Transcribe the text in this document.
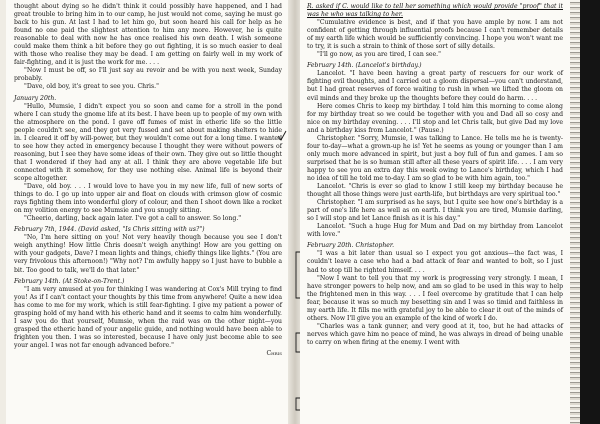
thought about dying so he didn't think it could possibly have happened, and I had great trouble to bring him in to our camp, he just would not come, saying he must go back to his gun. At last I had to let him go, but soon heard his call for help as he found no one paid the slightest attention to him any more. However, he is quite reasonable to deal with now he has once realised his own death. I wish someone could make them think a bit before they go out fighting, it is so much easier to deal with those who realise they may be dead. I am getting on fairly well in my work of fair-fighting, and it is just the work for me. . . .

"Now I must be off, so I'll just say au revoir and be with you next week, Sunday probably.

"Dave, old boy, it's great to see you. Chris."

January 20th.

"Hullo, Mumsie, I didn't expect you so soon and came for a stroll in the pond where I can study the gnome life at its best. I have been up to people of my own with the atmosphere on the pond. I gave off fumes of mist in etheric life so the little people couldn't see, and they got very fussed and set about making shelters to hide in. I cleared it off by will-power, but they wouldn't come out for a long time. I wanted to see how they acted in emergency because I thought they were without powers of reasoning, but I see they have some ideas of their own. They give out so little thought that I wondered if they had any at all. I think they are above vegetable life but connected with it somehow, for they use nothing else. Animal life is beyond their scope altogether.

"Dave, old boy. . . . I would love to have you in my new life, full of new sorts of things to do. I go up into upper air and float on clouds with crimson glow of cosmic rays fighting them into wonderful glory of colour, and then I shoot down like a rocket on my volition energy to see Mumsie and you snugly sitting.

"Cheerio, darling, back again later. I've got a call to answer. So long."

February 7th, 1944. (David asked, "Is Chris sitting with us?")

"No, I'm here sitting on you! Not very heavily though because you see I don't weigh anything! How little Chris doesn't weigh anything! How are you getting on with your gadgets, Dave? I mean lights and things, chiefly things like lights." (You are very frivolous this afternoon!) "Why not? I'm awfully happy so I just have to bubble a bit. Too good to talk, we'll do that later."

February 14th. (At Stoke-on-Trent.)

"I am very amused at you for thinking I was wandering at Cox's Mill trying to find you! As if I can't contact your thoughts by this time from anywhere! Quite a new idea has come to me for my work, which is still fear-fighting. I give my patient a power of grasping hold of my hand with his etheric hand and it seems to calm him wonderfully. I saw you do that yourself, Mumsie, when the raid was on the other night—you grasped the etheric hand of your angelic guide, and nothing would have been able to frighten you then. I was so interested, because I have only just become able to see your angel. I was not far enough advanced before."

Chris

R. asked if C. would like to tell her something which would provide "proof" that it was he who was talking to her.

"Cumulative evidence is best, and if that you have ample by now. I am not confident of getting through influential proofs because I can't remember details of my earth life which would be sufficiently convincing. I hope you won't want me to try, it is such a strain to think of those sort of silly details.

"I'll go now, as you are tired, I can see."

February 14th. (Lancelot's birthday.)

Lancelot. "I have been having a great party of rescuers for our work of fighting evil thoughts, and I carried out a gloom dispersal—you can't understand, but I had great reserves of force waiting to rush in when we lifted the gloom on evil minds and they broke up the thoughts before they could do harm. . . .

Here comes Chris to keep my birthday. I told him this morning to come along for my birthday treat so we could be together with you and Dad all so cosy and nice on my birthday evening. . . . I'll stop and let Chris talk, but give Dad my love and a birthday kiss from Lancelot." (Pause.)

Christopher. "Sorry, Mumsie, I was talking to Lance. He tells me he is twenty-four to-day—what a grown-up he is! Yet he seems as young or younger than I am only much more advanced in spirit, but just a boy full of fun and games. I am so surprised that he is so human still after all these years of spirit life. . . . I am very happy to see you an extra day this week owing to Lance's birthday, which I had no idea of till he told me to-day. I am so glad to be with him again, too."

Lancelot. "Chris is ever so glad to know I still keep my birthday because he thought all those things were just earth-life, but birthdays are very spiritual too."

Christopher. "I am surprised as he says, but I quite see how one's birthday is a part of one's life here as well as on earth. I think you are tired, Mumsie darling, so I will stop and let Lance finish as it is his day."

Lancelot. "Such a huge Hug for Mum and Dad on my birthday from Lancelot with love."

February 20th. Christopher.

"I was a bit later than usual so I expect you got anxious—the fact was, I couldn't leave a case who had a bad attack of fear and wanted to bolt, so I just had to stop till he righted himself. . . .

"Now I want to tell you that my work is progressing very strongly. I mean, I have stronger powers to help now, and am so glad to be used in this way to help the frightened men in this way. . . . I feel overcome by gratitude that I can help fear, because it was so much my besetting sin and I was so timid and faithless in my earth life. It fills me with grateful joy to be able to clear it out of the minds of others. Now I'll give you an example of the kind of work I do.

"Charles was a tank gunner, and very good at it, too, but he had attacks of nerves which gave him no peace of mind, he was always in dread of being unable to carry on when firing at the enemy. I went with
